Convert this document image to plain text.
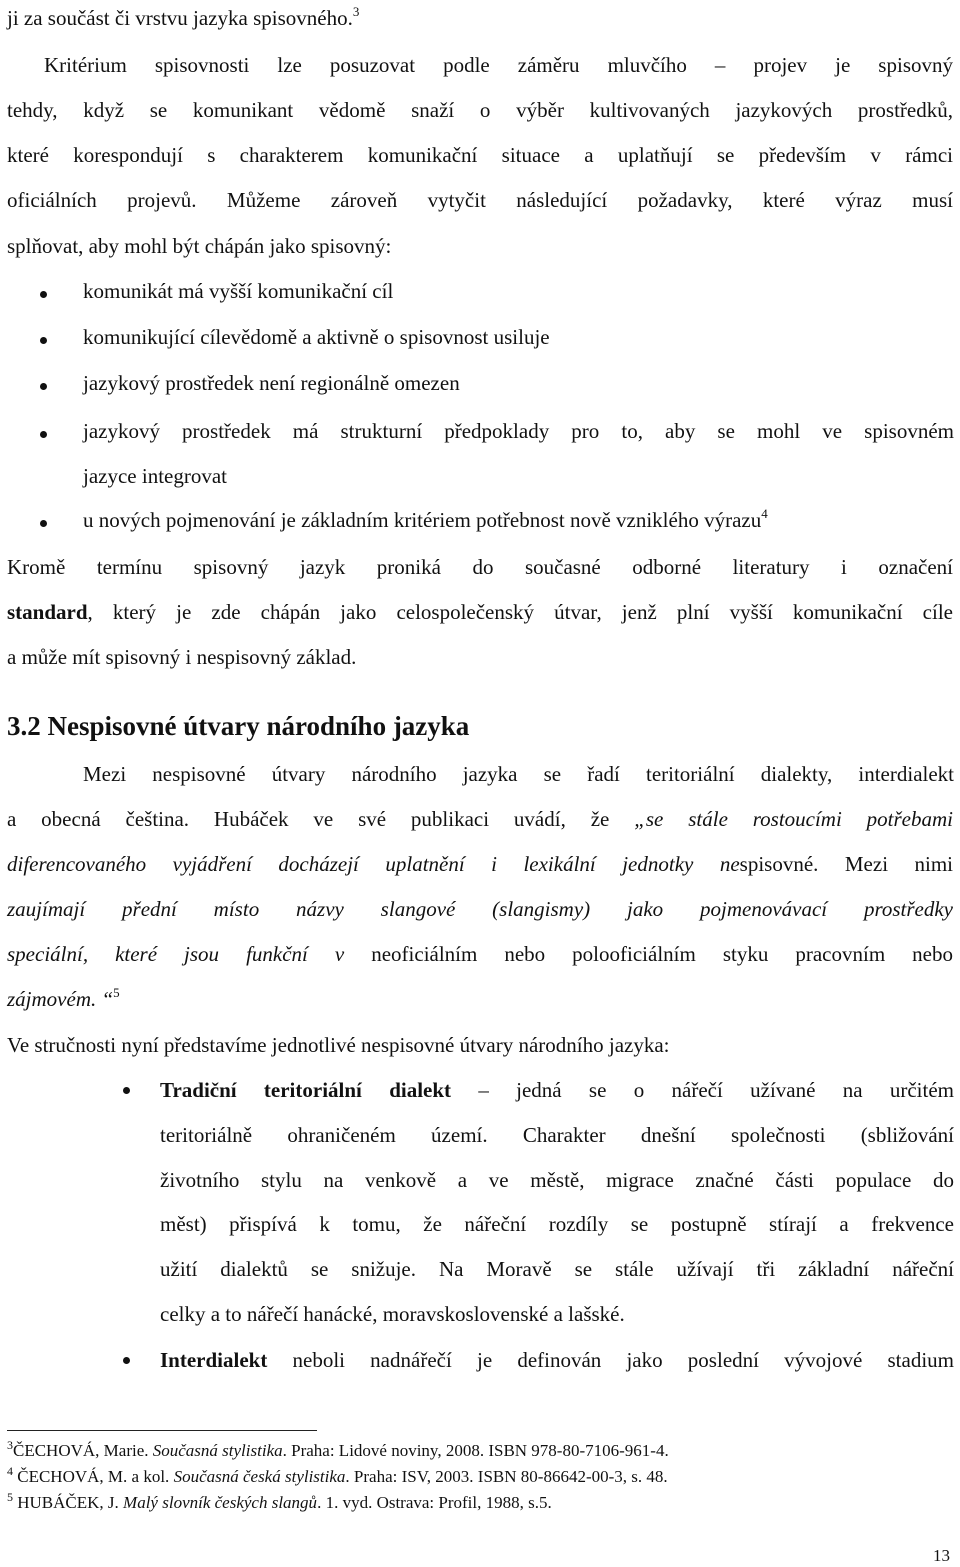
ji za součást či vrstvu jazyka spisovného.$^3$
Kritérium spisovnosti lze posuzovat podle záměru mluvčího – projev je spisovný
tehdy, když se komunikant vědomě snaží o výběr kultivovaných jazykových prostředků,
které korespondují s charakterem komunikační situace a uplatňují se především v rámci
oficiálních projevů. Můžeme zároveň vytyčit následující požadavky, které výraz musí
splňovat, aby mohl být chápán jako spisovný:
komunikát má vyšší komunikační cíl
komunikující cílevědomě a aktivně o spisovnost usiluje
jazykový prostředek není regionálně omezen
jazykový prostředek má strukturní předpoklady pro to, aby se mohl ve spisovném
jazyce integrovat
u nových pojmenování je základním kritériem potřebnost nově vzniklého výrazu$^4$
Kromě termínu spisovný jazyk proniká do současné odborné literatury i označení
standard, který je zde chápán jako celospolečenský útvar, jenž plní vyšší komunikační cíle
a může mít spisovný i nespisovný základ.
3.2 Nespisovné útvary národního jazyka
Mezi nespisovné útvary národního jazyka se řadí teritoriální dialekty, interdialekt
a obecná čeština. Hubáček ve své publikaci uvádí, že „se stále rostoucími potřebami
diferencovaného vyjádření docházejí uplatnění i lexikální jednotky nespisovné. Mezi nimi
zaujímají přední místo názvy slangové (slangismy) jako pojmenovávací prostředky
speciální, které jsou funkční v neoficiálním nebo polooficiálním styku pracovním nebo
zájmovém. “$^5$
Ve stručnosti nyní představíme jednotlivé nespisovné útvary národního jazyka:
Tradiční teritoriální dialekt – jedná se o nářečí užívané na určitém
teritoriálně ohraničeném území. Charakter dnešní společnosti (sbližování
životního stylu na venkově a ve městě, migrace značné části populace do
měst) přispívá k tomu, že nářeční rozdíly se postupně stírají a frekvence
užití dialektů se snižuje. Na Moravě se stále užívají tři základní nářeční
celky a to nářečí hanácké, moravskoslovenské a lašské.
Interdialekt neboli nadnářečí je definován jako poslední vývojové stadium
$^3$ČECHOVÁ, Marie. Současná stylistika. Praha: Lidové noviny, 2008. ISBN 978-80-7106-961-4.
$^4$ ČECHOVÁ, M. a kol. Současná česká stylistika. Praha: ISV, 2003. ISBN 80-86642-00-3, s. 48.
$^5$ HUBÁČEK, J. Malý slovník českých slangů. 1. vyd. Ostrava: Profil, 1988, s.5.
13
